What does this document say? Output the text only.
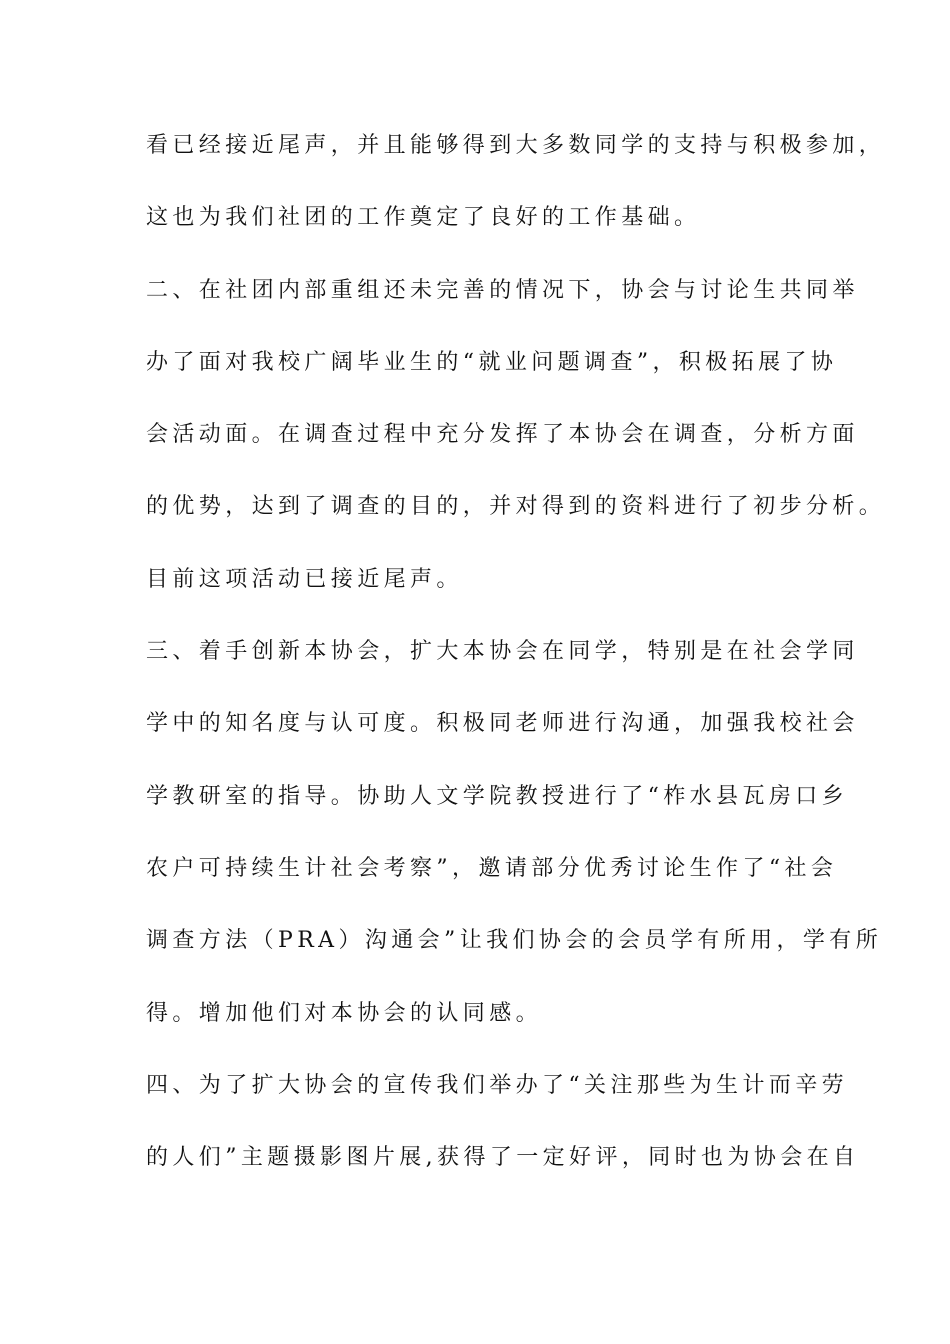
看已经接近尾声，并且能够得到大多数同学的支持与积极参加，
这也为我们社团的工作奠定了良好的工作基础。
二、在社团内部重组还未完善的情况下，协会与讨论生共同举
办了面对我校广阔毕业生的“就业问题调查”，积极拓展了协
会活动面。在调查过程中充分发挥了本协会在调查，分析方面
的优势，达到了调查的目的，并对得到的资料进行了初步分析。
目前这项活动已接近尾声。
三、着手创新本协会，扩大本协会在同学，特别是在社会学同
学中的知名度与认可度。积极同老师进行沟通，加强我校社会
学教研室的指导。协助人文学院教授进行了“柞水县瓦房口乡
农户可持续生计社会考察”，邀请部分优秀讨论生作了“社会
调查方法（PRA）沟通会”让我们协会的会员学有所用，学有所
得。增加他们对本协会的认同感。
四、为了扩大协会的宣传我们举办了“关注那些为生计而辛劳
的人们”主题摄影图片展,获得了一定好评，同时也为协会在自
